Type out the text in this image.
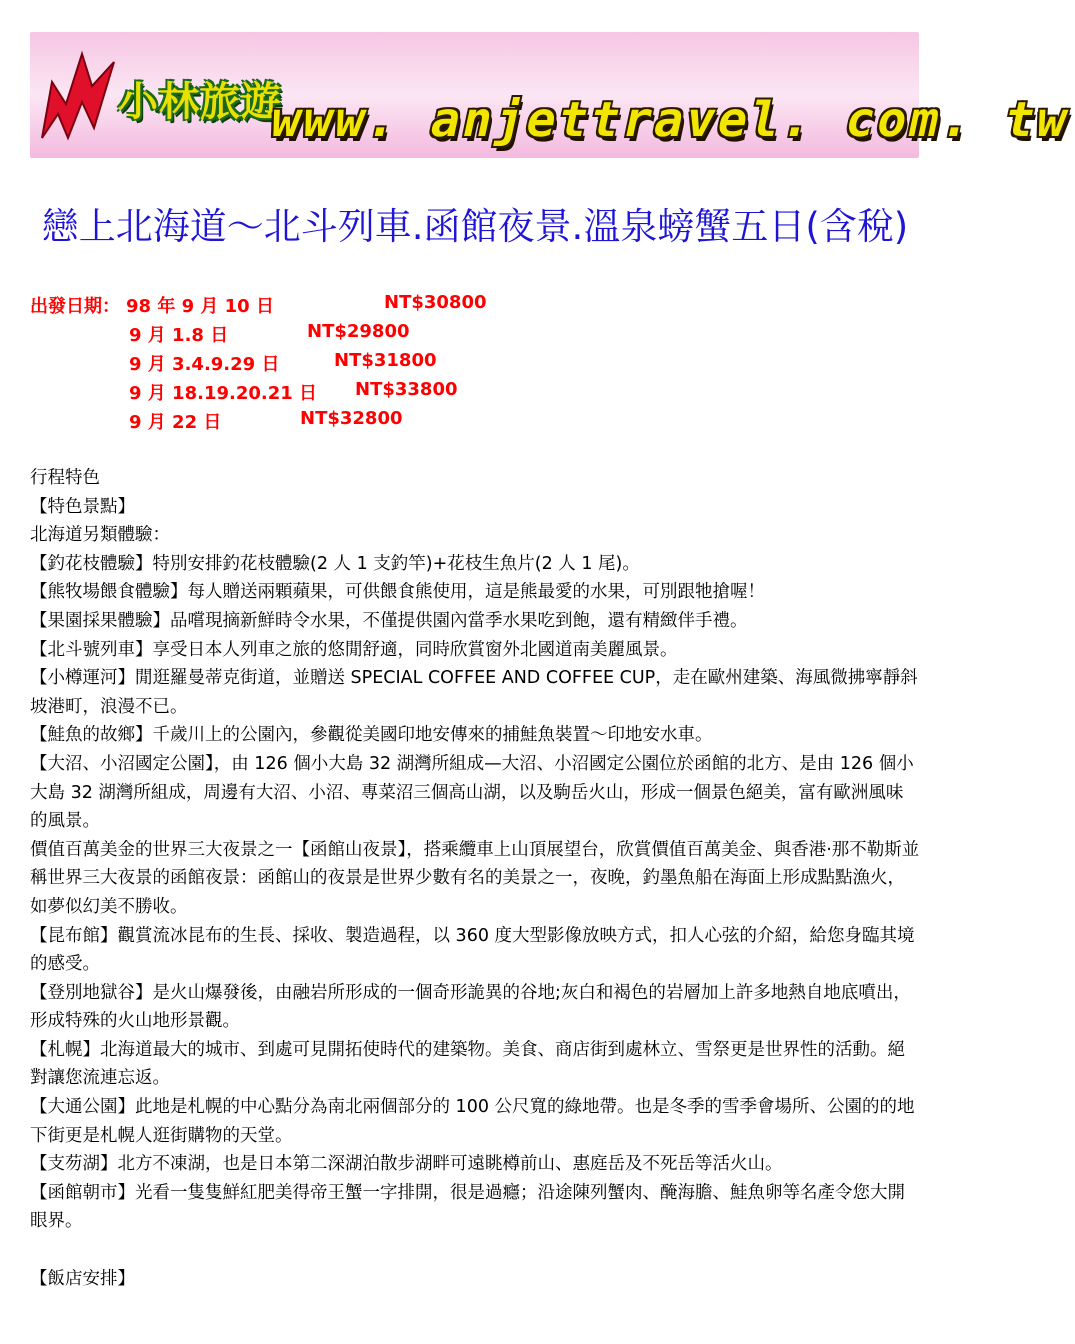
小林旅遊
www. anjettravel. com. tw
戀上北海道～北斗列車.函館夜景.溫泉螃蟹五日(含稅)
出發日期： 98 年 9 月 10 日	NT$30800
9 月 1.8 日	NT$29800
9 月 3.4.9.29 日	NT$31800
9 月 18.19.20.21 日 NT$33800
9 月 22 日	NT$32800

行程特色

【特色景點】

北海道另類體驗：

【釣花枝體驗】特別安排釣花枝體驗(2 人 1 支釣竿)+花枝生魚片(2 人 1 尾)。

【熊牧場餵食體驗】每人贈送兩顆蘋果，可供餵食熊使用，這是熊最愛的水果，可別跟牠搶喔！

【果園採果體驗】品嚐現摘新鮮時令水果，不僅提供園內當季水果吃到飽，還有精緻伴手禮。

【北斗號列車】享受日本人列車之旅的悠閒舒適，同時欣賞窗外北國道南美麗風景。

【小樽運河】閒逛羅曼蒂克街道，並贈送 SPECIAL COFFEE AND COFFEE CUP，走在歐州建築、海風微拂寧靜斜坡港町，浪漫不已。

【鮭魚的故鄉】千歲川上的公園內，參觀從美國印地安傳來的捕鮭魚裝置～印地安水車。

【大沼、小沼國定公園】，由 126 個小大島 32 湖灣所組成—大沼、小沼國定公園位於函館的北方、是由 126 個小大島 32 湖灣所組成，周邊有大沼、小沼、專菜沼三個高山湖，以及駒岳火山，形成一個景色絕美，富有歐洲風味的風景。

價值百萬美金的世界三大夜景之一【函館山夜景】，搭乘纜車上山頂展望台，欣賞價值百萬美金、與香港·那不勒斯並稱世界三大夜景的函館夜景：函館山的夜景是世界少數有名的美景之一，夜晚，釣墨魚船在海面上形成點點漁火，如夢似幻美不勝收。

【昆布館】觀賞流冰昆布的生長、採收、製造過程，以 360 度大型影像放映方式，扣人心弦的介紹，給您身臨其境的感受。

【登別地獄谷】是火山爆發後，由融岩所形成的一個奇形詭異的谷地;灰白和褐色的岩層加上許多地熱自地底噴出，形成特殊的火山地形景觀。

【札幌】北海道最大的城市、到處可見開拓使時代的建築物。美食、商店街到處林立、雪祭更是世界性的活動。絕對讓您流連忘返。

【大通公園】此地是札幌的中心點分為南北兩個部分的 100 公尺寬的綠地帶。也是冬季的雪季會場所、公園的的地下街更是札幌人逛街購物的天堂。

【支芴湖】北方不凍湖，也是日本第二深湖泊散步湖畔可遠眺樽前山、惠庭岳及不死岳等活火山。

【函館朝市】光看一隻隻鮮紅肥美得帝王蟹一字排開，很是過癮；沿途陳列蟹肉、醃海膽、鮭魚卵等名產令您大開眼界。

【飯店安排】
